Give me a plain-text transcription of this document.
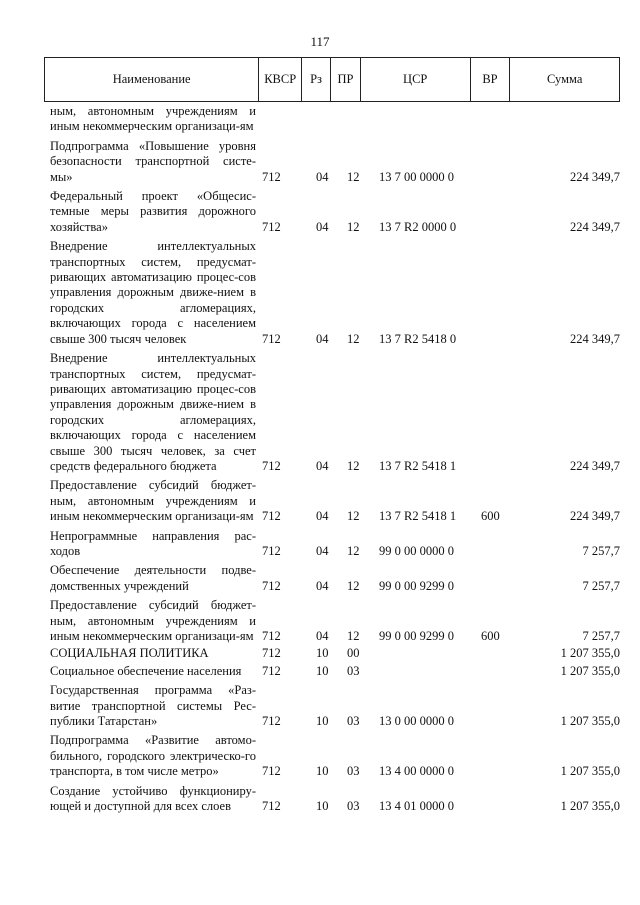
117
Наименование	КВСР	Рз	ПР	ЦСР	ВР	Сумма
ным, автономным учреждениям и иным некоммерческим организаци-ям
Подпрограмма «Повышение уровня безопасности транспортной систе-мы»	712	04	12	13 7 00 0000 0	224 349,7
Федеральный проект «Общесис-темные меры развития дорожного хозяйства»	712	04	12	13 7 R2 0000 0	224 349,7
Внедрение интеллектуальных транспортных систем, предусмат-ривающих автоматизацию процес-сов управления дорожным движе-нием в городских агломерациях, включающих города с населением свыше 300 тысяч человек	712	04	12	13 7 R2 5418 0	224 349,7
Внедрение интеллектуальных транспортных систем, предусмат-ривающих автоматизацию процес-сов управления дорожным движе-нием в городских агломерациях, включающих города с населением свыше 300 тысяч человек, за счет средств федерального бюджета	712	04	12	13 7 R2 5418 1	224 349,7
Предоставление субсидий бюджет-ным, автономным учреждениям и иным некоммерческим организаци-ям 712	04	12	13 7 R2 5418 1	600	224 349,7
Непрограммные направления рас-ходов	712	04	12	99 0 00 0000 0	7 257,7
Обеспечение деятельности подве-домственных учреждений	712	04	12	99 0 00 9299 0	7 257,7
Предоставление субсидий бюджет-ным, автономным учреждениям и иным некоммерческим организаци-ям 712	04	12	99 0 00 9299 0	600	7 257,7
СОЦИАЛЬНАЯ ПОЛИТИКА	712	10	00	1 207 355,0
Социальное обеспечение населения	712	10	03	1 207 355,0
Государственная программа «Раз-витие транспортной системы Рес-публики Татарстан»	712	10	03	13 0 00 0000 0	1 207 355,0
Подпрограмма «Развитие автомо-бильного, городского электрическо-го транспорта, в том числе метро»	712	10	03	13 4 00 0000 0	1 207 355,0
Создание устойчиво функциониру-ющей и доступной для всех слоев	712	10	03	13 4 01 0000 0	1 207 355,0
